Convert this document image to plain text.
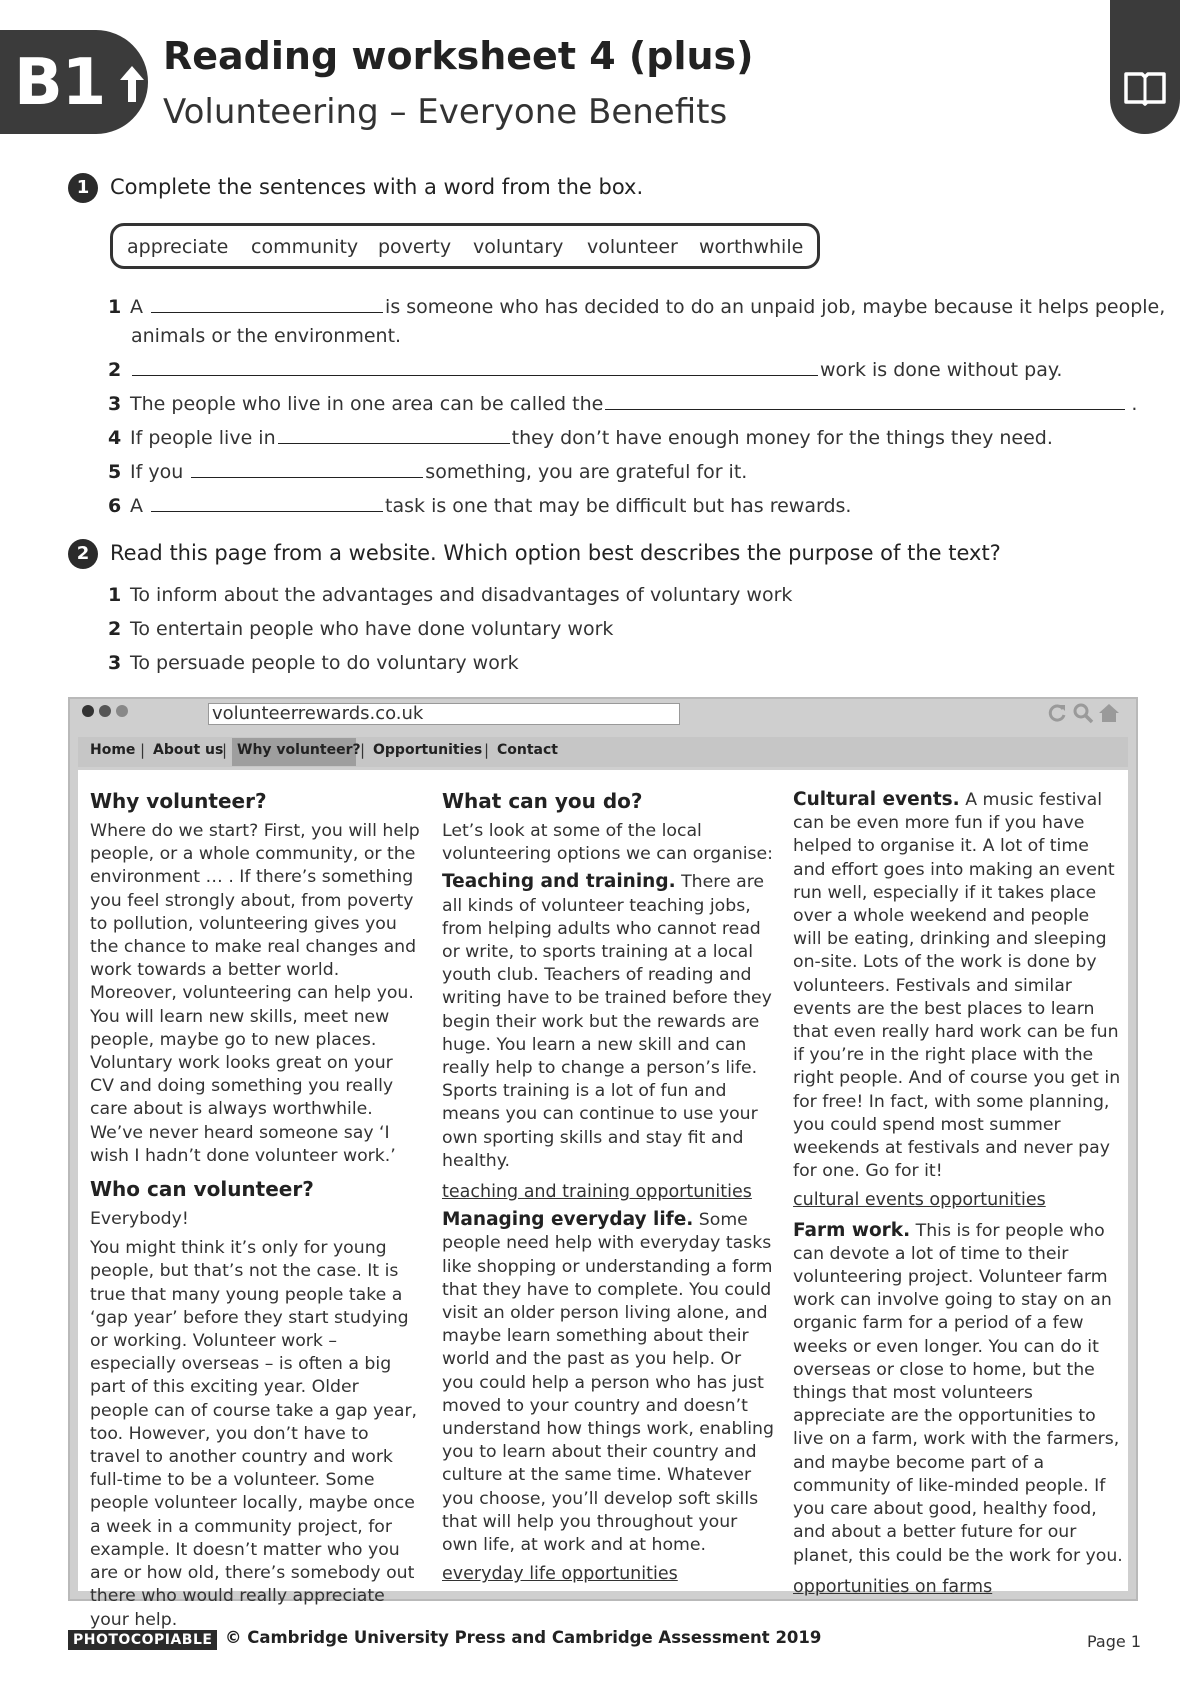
B1 Reading worksheet 4 (plus)
Volunteering – Everyone Benefits
1 Complete the sentences with a word from the box.
appreciate community poverty voluntary volunteer worthwhile
1 A	is someone who has decided to do an unpaid job, maybe because it helps people,
animals or the environment.
2	work is done without pay.
3 The people who live in one area can be called the	.
4 If people live in	they don’t have enough money for the things they need.
5 If you	something, you are grateful for it.
6 A	task is one that may be difficult but has rewards.
2 Read this page from a website. Which option best describes the purpose of the text?
1 To inform about the advantages and disadvantages of voluntary work
2 To entertain people who have done voluntary work
3 To persuade people to do voluntary work
volunteerrewards.co.uk
Home | About us
| Why volunteer? | Opportunities | Contact
Why volunteer?

Where do we start? First, you will help people, or a whole community, or the environment … . If there’s something you feel strongly about, from poverty to pollution, volunteering gives you the chance to make real changes and work towards a better world. Moreover, volunteering can help you. You will learn new skills, meet new people, maybe go to new places. Voluntary work looks great on your CV and doing something you really care about is always worthwhile. We’ve never heard someone say ‘I wish I hadn’t done volunteer work.’

Who can volunteer?

Everybody!

You might think it’s only for young people, but that’s not the case. It is true that many young people take a ‘gap year’ before they start studying or working. Volunteer work – especially overseas – is often a big part of this exciting year. Older people can of course take a gap year, too. However, you don’t have to travel to another country and work full-time to be a volunteer. Some people volunteer locally, maybe once a week in a community project, for example. It doesn’t matter who you are or how old, there’s somebody out there who would really appreciate your help.

What can you do?

Let’s look at some of the local volunteering options we can organise:

Teaching and training. There are all kinds of volunteer teaching jobs, from helping adults who cannot read or write, to sports training at a local youth club. Teachers of reading and writing have to be trained before they begin their work but the rewards are huge. You learn a new skill and can really help to change a person’s life. Sports training is a lot of fun and means you can continue to use your own sporting skills and stay fit and healthy.

teaching and training opportunities

Managing everyday life. Some people need help with everyday tasks like shopping or understanding a form that they have to complete. You could visit an older person living alone, and maybe learn something about their world and the past as you help. Or you could help a person who has just moved to your country and doesn’t understand how things work, enabling you to learn about their country and culture at the same time. Whatever you choose, you’ll develop soft skills that will help you throughout your own life, at work and at home.

everyday life opportunities

Cultural events. A music festival can be even more fun if you have helped to organise it. A lot of time and effort goes into making an event run well, especially if it takes place over a whole weekend and people will be eating, drinking and sleeping on-site. Lots of the work is done by volunteers. Festivals and similar events are the best places to learn that even really hard work can be fun if you’re in the right place with the right people. And of course you get in for free! In fact, with some planning, you could spend most summer weekends at festivals and never pay for one. Go for it!

cultural events opportunities

Farm work. This is for people who can devote a lot of time to their volunteering project. Volunteer farm work can involve going to stay on an organic farm for a period of a few weeks or even longer. You can do it overseas or close to home, but the things that most volunteers appreciate are the opportunities to live on a farm, work with the farmers, and maybe become part of a community of like-minded people. If you care about good, healthy food, and about a better future for our planet, this could be the work for you.

opportunities on farms
PHOTOCOPIABLE © Cambridge University Press and Cambridge Assessment 2019	Page 1
